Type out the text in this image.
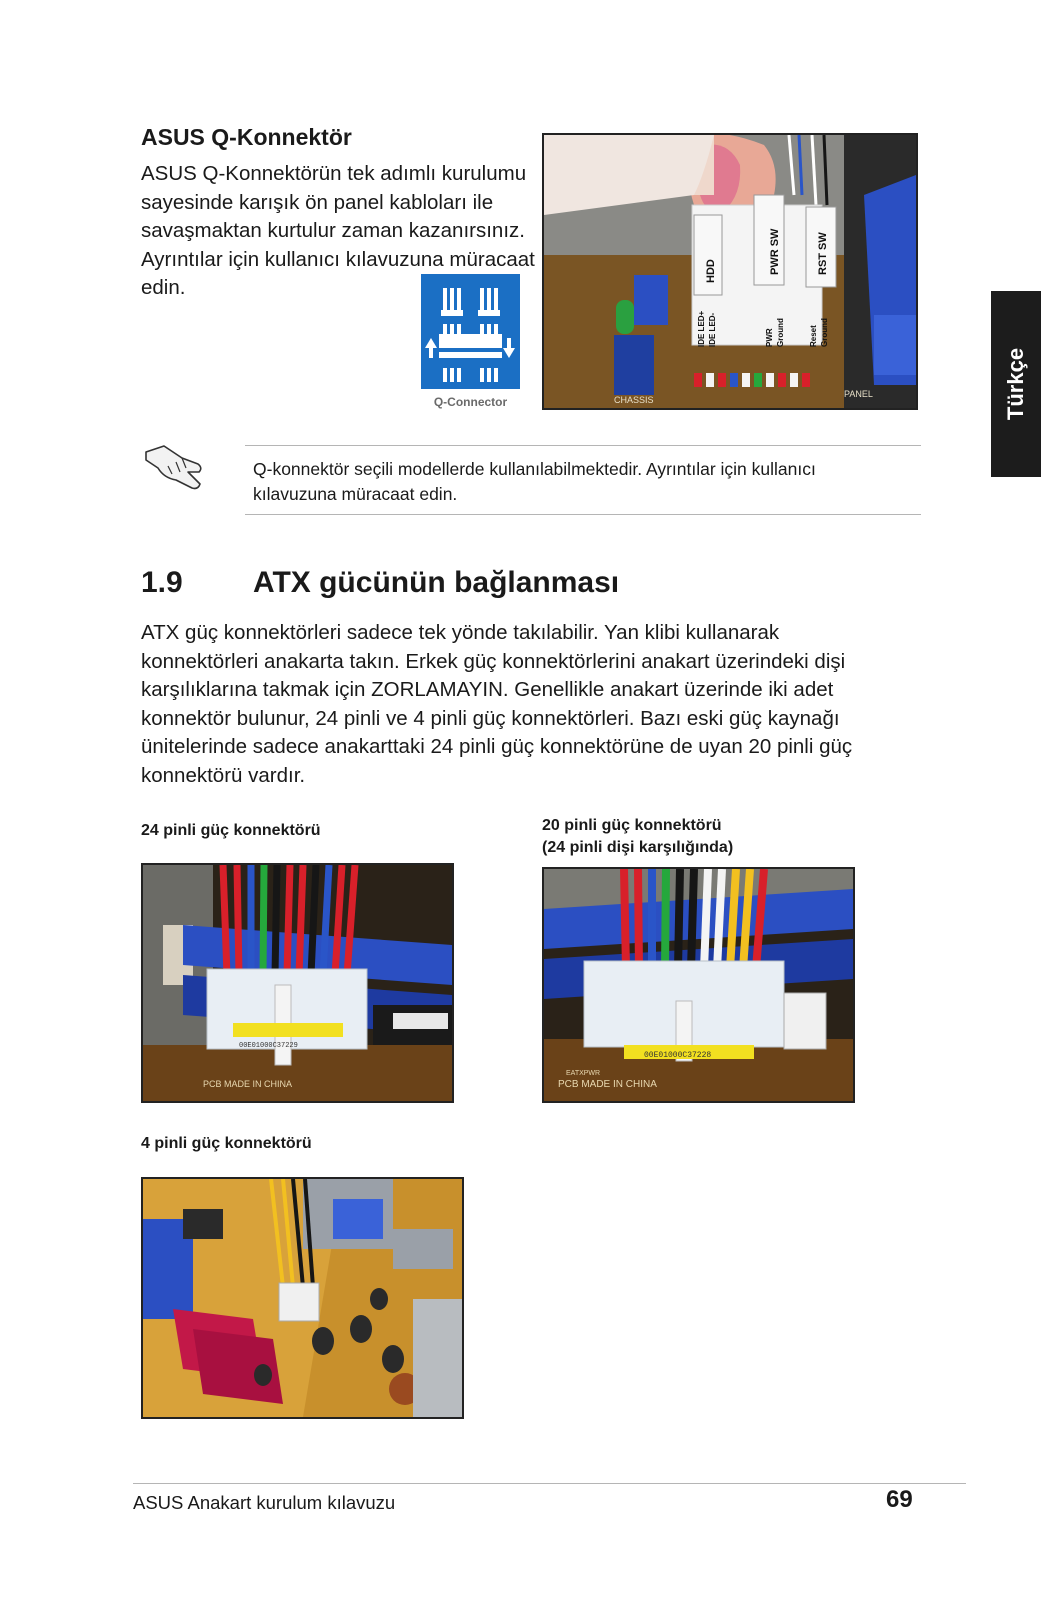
ASUS Q-Konnektör
ASUS Q-Konnektörün tek adımlı kurulumu sayesinde karışık ön panel kabloları ile savaşmaktan kurtulur zaman kazanırsınız. Ayrıntılar için kullanıcı kılavuzuna müracaat edin.
Q-Connector
HDD	PWR SW	RST SW
IDE LED+ IDE LED-	PWR Ground	Reset Ground
CHASSIS
PANEL
Q-konnektör seçili modellerde kullanılabilmektedir. Ayrıntılar için kullanıcı kılavuzuna müracaat edin.
1.9 ATX gücünün bağlanması
ATX güç konnektörleri sadece tek yönde takılabilir. Yan klibi kullanarak konnektörleri anakarta takın. Erkek güç konnektörlerini anakart üzerindeki dişi karşılıklarına takmak için ZORLAMAYIN. Genellikle anakart üzerinde iki adet konnektör bulunur, 24 pinli ve 4 pinli güç konnektörleri. Bazı eski güç kaynağı ünitelerinde sadece anakarttaki 24 pinli güç konnektörüne de uyan 20 pinli güç konnektörü vardır.
24 pinli güç konnektörü
00E01000C37229
PCB MADE IN CHINA
20 pinli güç konnektörü
(24 pinli dişi karşılığında)
00E01000C37228
EATXPWR
PCB MADE IN CHINA
4 pinli güç konnektörü
Türkçe
ASUS Anakart kurulum kılavuzu	69
